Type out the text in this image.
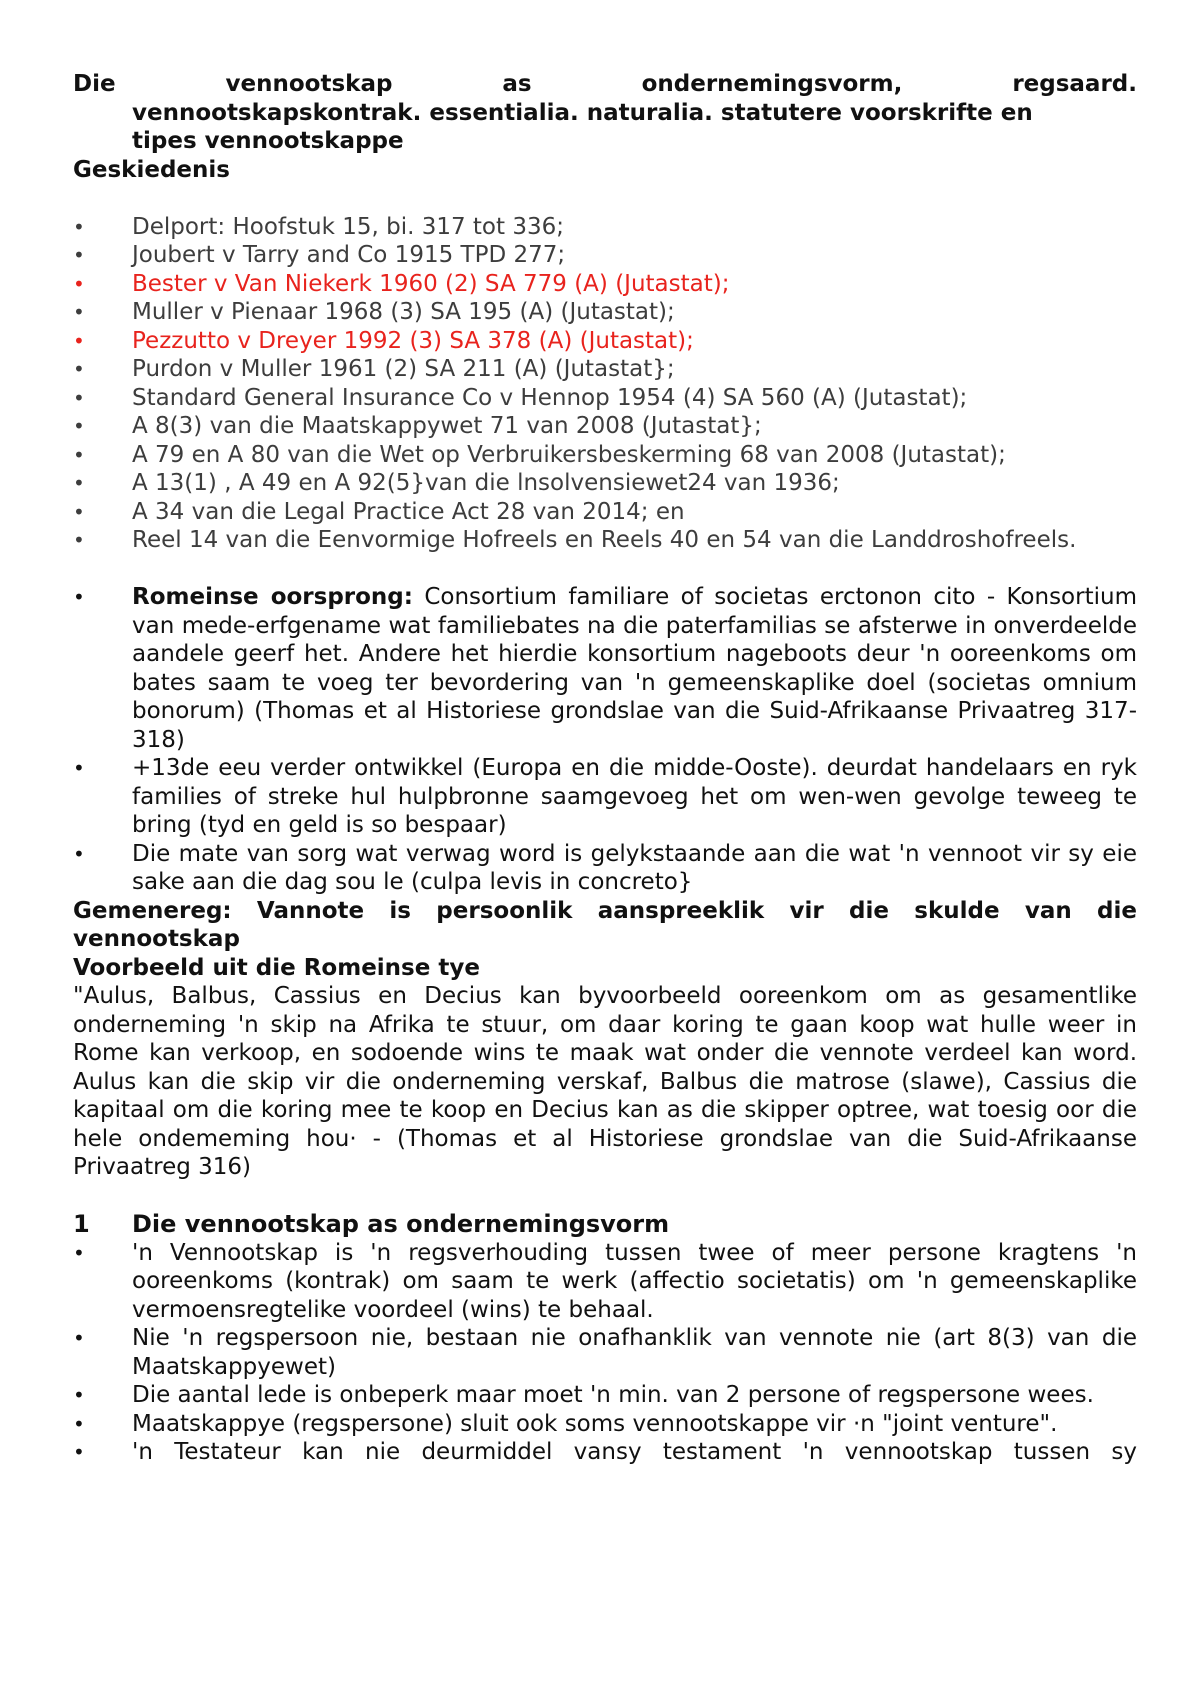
Die	vennootskap	as	ondernemingsvorm,	regsaard.
vennootskapskontrak. essentialia. naturalia. statutere voorskrifte en
tipes vennootskappe
Geskiedenis
• Delport: Hoofstuk 15, bi. 317 tot 336;
• Joubert v Tarry and Co 1915 TPD 277;
• Bester v Van Niekerk 1960 (2) SA 779 (A) (Jutastat);
• Muller v Pienaar 1968 (3) SA 195 (A) (Jutastat);
• Pezzutto v Dreyer 1992 (3) SA 378 (A) (Jutastat);
• Purdon v Muller 1961 (2) SA 211 (A) (Jutastat};
• Standard General Insurance Co v Hennop 1954 (4) SA 560 (A) (Jutastat);
• A 8(3) van die Maatskappywet 71 van 2008 (Jutastat};
• A 79 en A 80 van die Wet op Verbruikersbeskerming 68 van 2008 (Jutastat);
• A 13(1) , A 49 en A 92(5}van die lnsolvensiewet24 van 1936;
• A 34 van die Legal Practice Act 28 van 2014; en
• Reel 14 van die Eenvormige Hofreels en Reels 40 en 54 van die Landdroshofreels.
• Romeinse oorsprong: Consortium familiare of societas erctonon cito - Konsortium van mede-erfgename wat familiebates na die paterfamilias se afsterwe in onverdeelde aandele geerf het. Andere het hierdie konsortium nageboots deur 'n ooreenkoms om bates saam te voeg ter bevordering van 'n gemeenskaplike doel (societas omnium bonorum) (Thomas et al Historiese grondslae van die Suid-Afrikaanse Privaatreg 317- 318)
• +13de eeu verder ontwikkel (Europa en die midde-Ooste). deurdat handelaars en ryk families of streke hul hulpbronne saamgevoeg het om wen-wen gevolge teweeg te bring (tyd en geld is so bespaar)
• Die mate van sorg wat verwag word is gelykstaande aan die wat 'n vennoot vir sy eie sake aan die dag sou le (culpa levis in concreto}
Gemenereg: Vannote is persoonlik aanspreeklik vir die skulde van die vennootskap
Voorbeeld uit die Romeinse tye
"Aulus, Balbus, Cassius en Decius kan byvoorbeeld ooreenkom om as gesamentlike onderneming 'n skip na Afrika te stuur, om daar koring te gaan koop wat hulle weer in Rome kan verkoop, en sodoende wins te maak wat onder die vennote verdeel kan word. Aulus kan die skip vir die onderneming verskaf, Balbus die matrose (slawe), Cassius die kapitaal om die koring mee te koop en Decius kan as die skipper optree, wat toesig oor die hele ondememing hou· - (Thomas et al Historiese grondslae van die Suid-Afrikaanse Privaatreg 316)
1 Die vennootskap as ondernemingsvorm
• 'n Vennootskap is 'n regsverhouding tussen twee of meer persone kragtens 'n ooreenkoms (kontrak) om saam te werk (affectio societatis) om 'n gemeenskaplike vermoensregtelike voordeel (wins) te behaal.
• Nie 'n regspersoon nie, bestaan nie onafhanklik van vennote nie (art 8(3) van die Maatskappyewet)
• Die aantal lede is onbeperk maar moet 'n min. van 2 persone of regspersone wees.
• Maatskappye (regspersone) sluit ook soms vennootskappe vir ·n "joint venture".
• 'n Testateur kan nie deurmiddel vansy testament 'n vennootskap tussen sy
